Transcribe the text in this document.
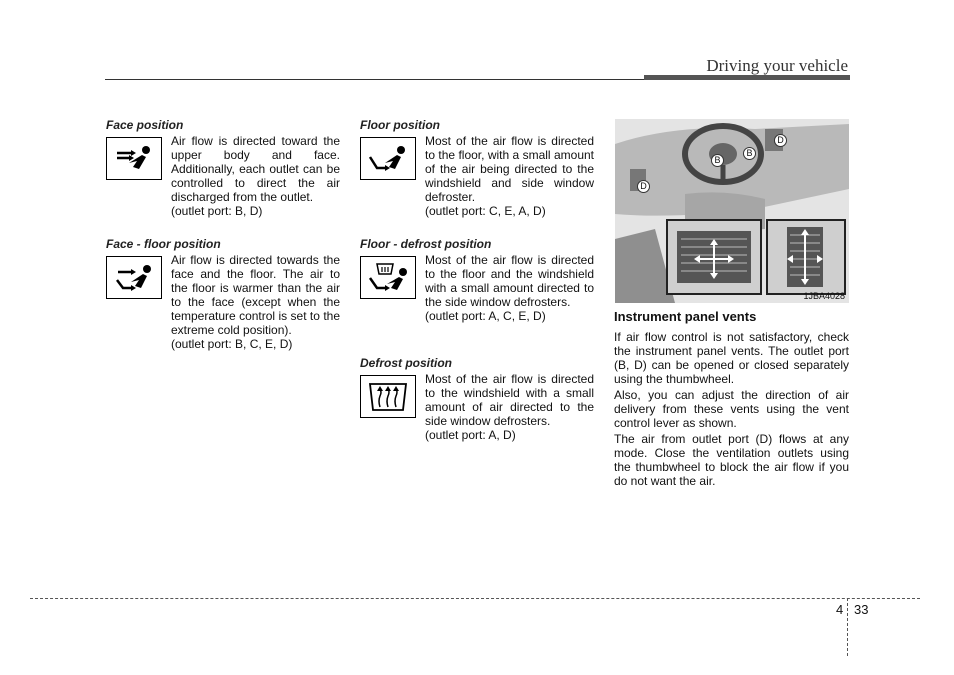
Driving your vehicle
Face position

Air flow is directed toward the upper body and face. Additionally, each outlet can be controlled to direct the air discharged from the outlet.

(outlet port: B, D)

Face - floor position

Air flow is directed towards the face and the floor. The air to the floor is warmer than the air to the face (except when the temperature control is set to the extreme cold position).

(outlet port: B, C, E, D)

Floor position

Most of the air flow is directed to the floor, with a small amount of the air being directed to the windshield and side window defroster.

(outlet port: C, E, A, D)

Floor - defrost position

Most of the air flow is directed to the floor and the windshield with a small amount directed to the side window defrosters.

(outlet port: A, C, E, D)

Defrost position

Most of the air flow is directed to the windshield with a small amount of air directed to the side window defrosters.

(outlet port: A, D)

B
B
D
D
1JBA4028
Instrument panel vents

If air flow control is not satisfactory, check the instrument panel vents. The outlet port (B, D) can be opened or closed separately using the thumbwheel.

Also, you can adjust the direction of air delivery from these vents using the vent control lever as shown.

The air from outlet port (D) flows at any mode. Close the ventilation outlets using the thumbwheel to block the air flow if you do not want the air.

4 33
